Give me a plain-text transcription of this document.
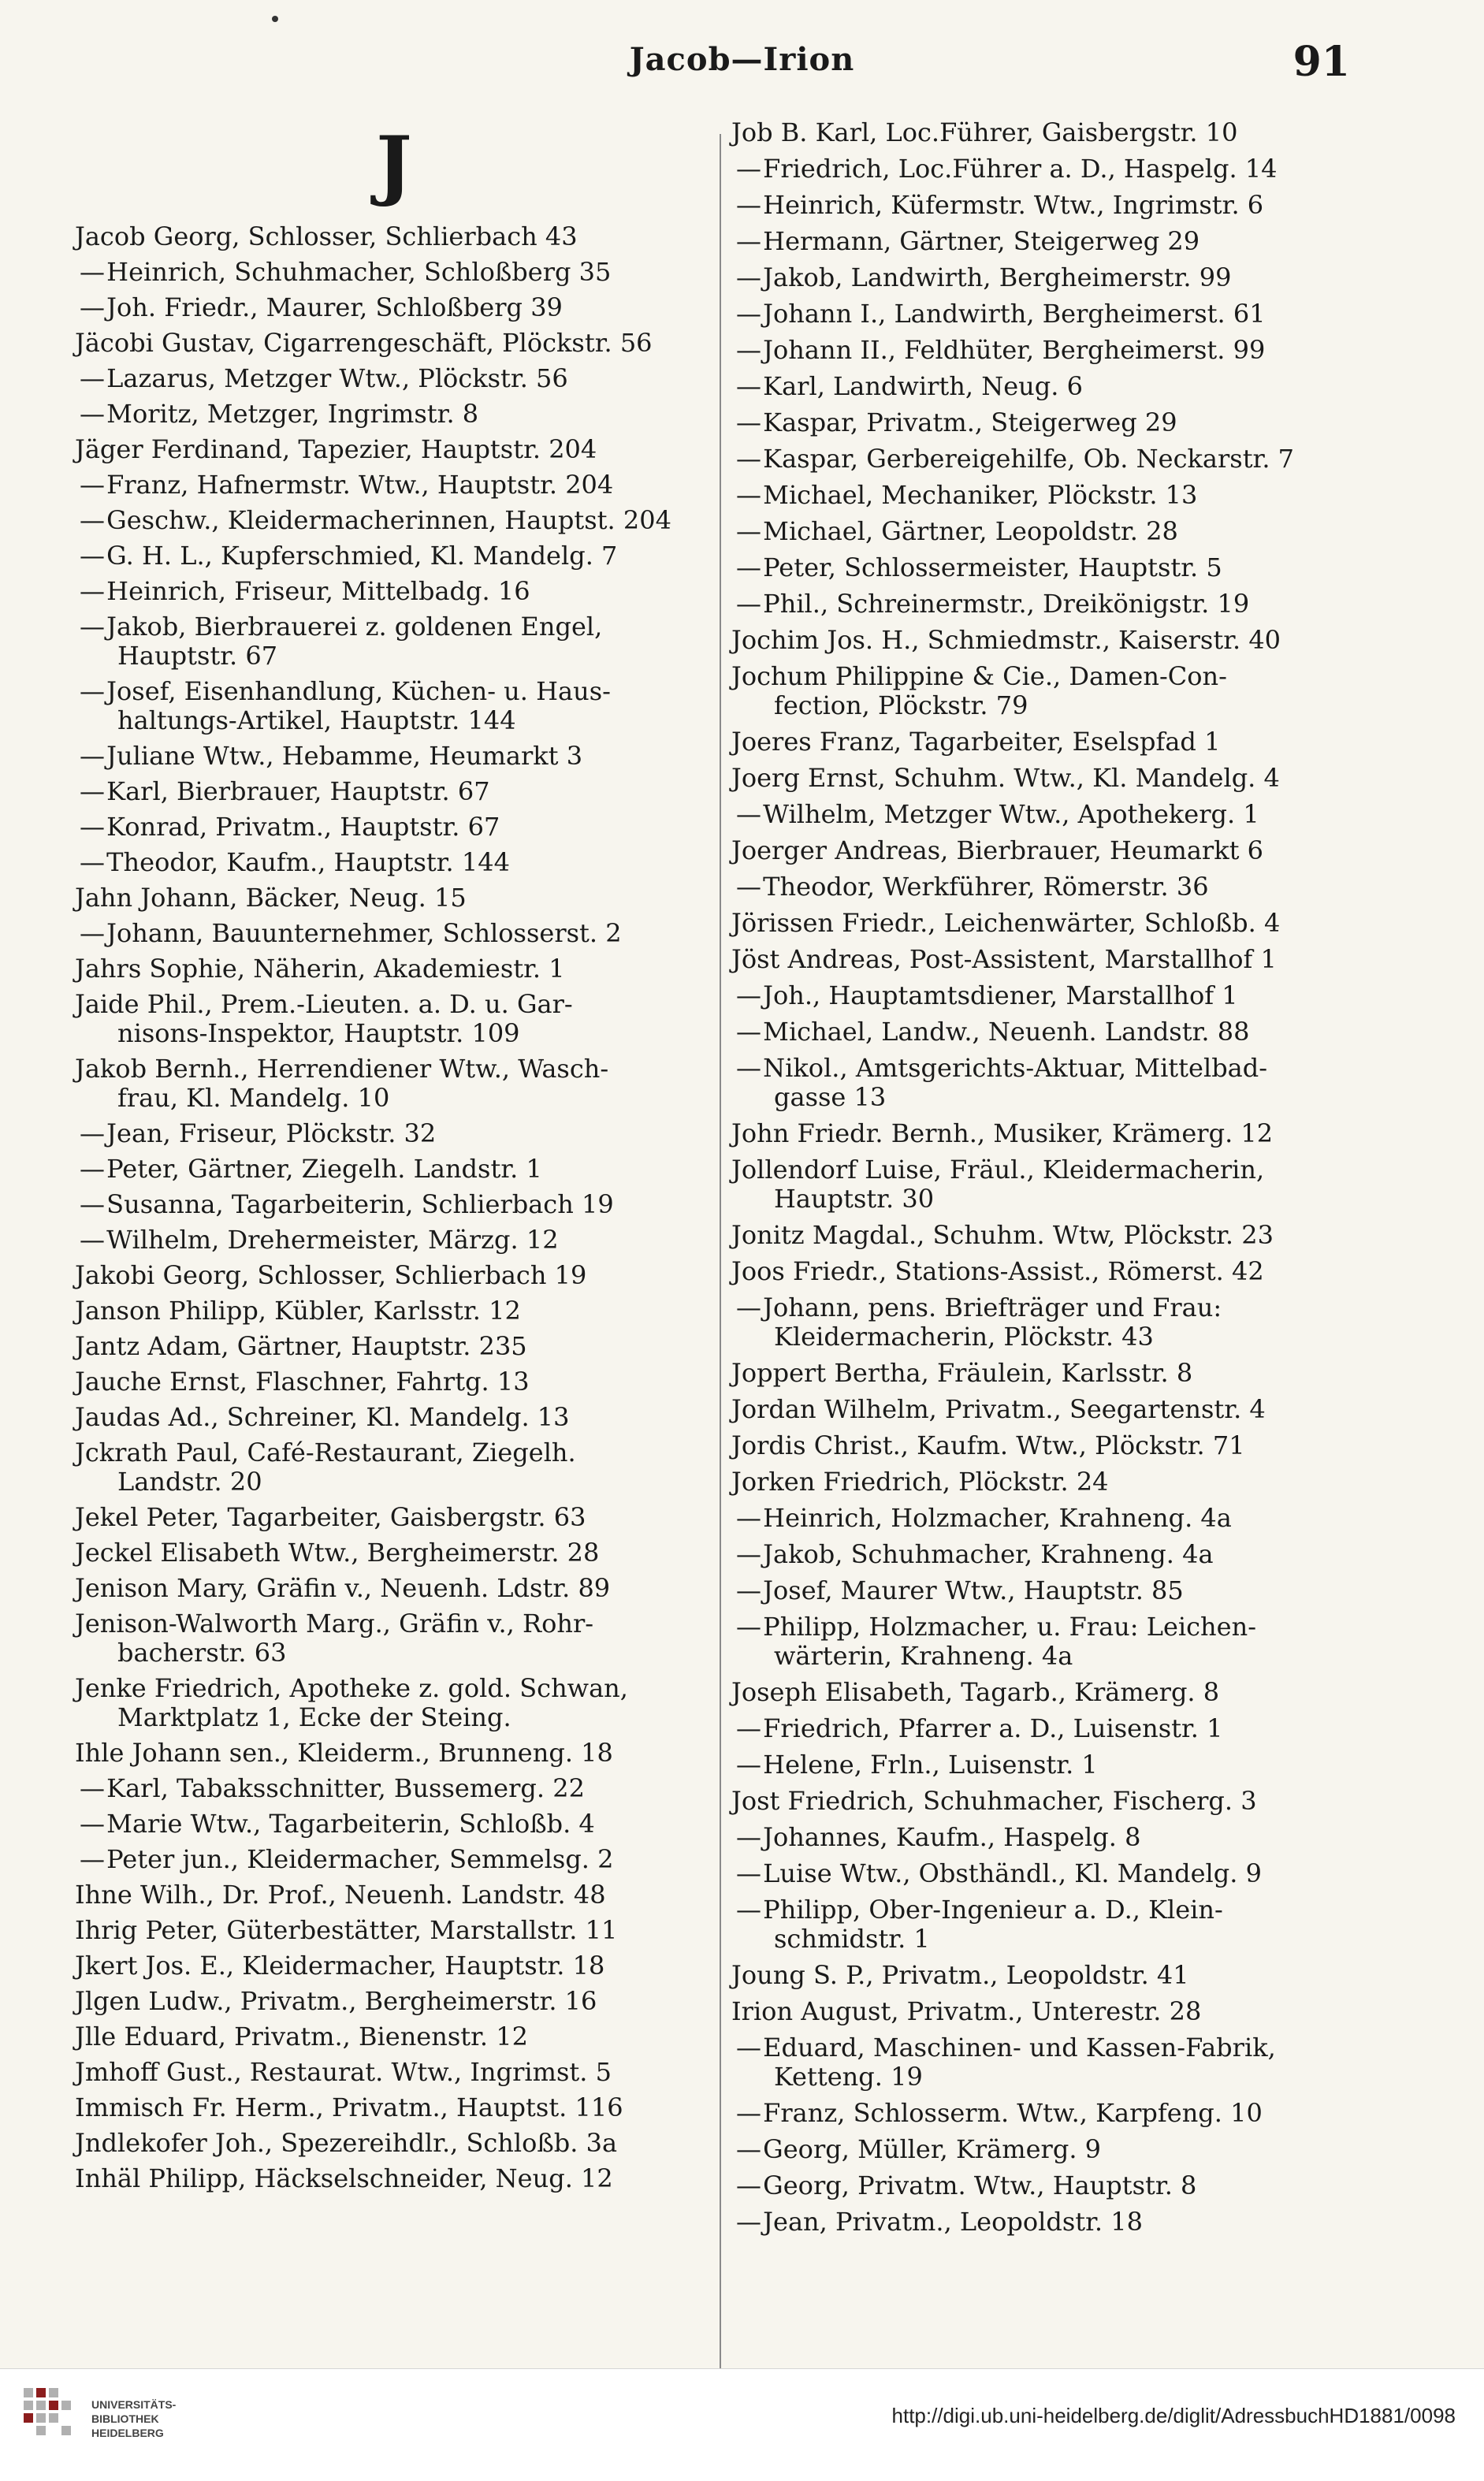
Jacob—Irion	91
J
Jacob Georg, Schlosser, Schlierbach 43
— Heinrich, Schuhmacher, Schloßberg 35
— Joh. Friedr., Maurer, Schloßberg 39
Jäcobi Gustav, Cigarrengeschäft, Plöckstr. 56
— Lazarus, Metzger Wtw., Plöckstr. 56
— Moritz, Metzger, Ingrimstr. 8
Jäger Ferdinand, Tapezier, Hauptstr. 204
— Franz, Hafnermstr. Wtw., Hauptstr. 204
— Geschw., Kleidermacherinnen, Hauptst. 204
— G. H. L., Kupferschmied, Kl. Mandelg. 7
— Heinrich, Friseur, Mittelbadg. 16
— Jakob, Bierbrauerei z. goldenen Engel,
Hauptstr. 67
— Josef, Eisenhandlung, Küchen- u. Haus-
haltungs-Artikel, Hauptstr. 144
— Juliane Wtw., Hebamme, Heumarkt 3
— Karl, Bierbrauer, Hauptstr. 67
— Konrad, Privatm., Hauptstr. 67
— Theodor, Kaufm., Hauptstr. 144
Jahn Johann, Bäcker, Neug. 15
— Johann, Bauunternehmer, Schlosserst. 2
Jahrs Sophie, Näherin, Akademiestr. 1
Jaide Phil., Prem.-Lieuten. a. D. u. Gar-
nisons-Inspektor, Hauptstr. 109
Jakob Bernh., Herrendiener Wtw., Wasch-
frau, Kl. Mandelg. 10
— Jean, Friseur, Plöckstr. 32
— Peter, Gärtner, Ziegelh. Landstr. 1
— Susanna, Tagarbeiterin, Schlierbach 19
— Wilhelm, Drehermeister, Märzg. 12
Jakobi Georg, Schlosser, Schlierbach 19
Janson Philipp, Kübler, Karlsstr. 12
Jantz Adam, Gärtner, Hauptstr. 235
Jauche Ernst, Flaschner, Fahrtg. 13
Jaudas Ad., Schreiner, Kl. Mandelg. 13
Jckrath Paul, Café-Restaurant, Ziegelh.
Landstr. 20
Jekel Peter, Tagarbeiter, Gaisbergstr. 63
Jeckel Elisabeth Wtw., Bergheimerstr. 28
Jenison Mary, Gräfin v., Neuenh. Ldstr. 89
Jenison-Walworth Marg., Gräfin v., Rohr-
bacherstr. 63
Jenke Friedrich, Apotheke z. gold. Schwan,
Marktplatz 1, Ecke der Steing.
Ihle Johann sen., Kleiderm., Brunneng. 18
— Karl, Tabaksschnitter, Bussemerg. 22
— Marie Wtw., Tagarbeiterin, Schloßb. 4
— Peter jun., Kleidermacher, Semmelsg. 2
Ihne Wilh., Dr. Prof., Neuenh. Landstr. 48
Ihrig Peter, Güterbestätter, Marstallstr. 11
Jkert Jos. E., Kleidermacher, Hauptstr. 18
Jlgen Ludw., Privatm., Bergheimerstr. 16
Jlle Eduard, Privatm., Bienenstr. 12
Jmhoff Gust., Restaurat. Wtw., Ingrimst. 5
Immisch Fr. Herm., Privatm., Hauptst. 116
Jndlekofer Joh., Spezereihdlr., Schloßb. 3a
Inhäl Philipp, Häckselschneider, Neug. 12
Job B. Karl, Loc.Führer, Gaisbergstr. 10
— Friedrich, Loc.Führer a. D., Haspelg. 14
— Heinrich, Küfermstr. Wtw., Ingrimstr. 6
— Hermann, Gärtner, Steigerweg 29
— Jakob, Landwirth, Bergheimerstr. 99
— Johann I., Landwirth, Bergheimerst. 61
— Johann II., Feldhüter, Bergheimerst. 99
— Karl, Landwirth, Neug. 6
— Kaspar, Privatm., Steigerweg 29
— Kaspar, Gerbereigehilfe, Ob. Neckarstr. 7
— Michael, Mechaniker, Plöckstr. 13
— Michael, Gärtner, Leopoldstr. 28
— Peter, Schlossermeister, Hauptstr. 5
— Phil., Schreinermstr., Dreikönigstr. 19
Jochim Jos. H., Schmiedmstr., Kaiserstr. 40
Jochum Philippine & Cie., Damen-Con-
fection, Plöckstr. 79
Joeres Franz, Tagarbeiter, Eselspfad 1
Joerg Ernst, Schuhm. Wtw., Kl. Mandelg. 4
— Wilhelm, Metzger Wtw., Apothekerg. 1
Joerger Andreas, Bierbrauer, Heumarkt 6
— Theodor, Werkführer, Römerstr. 36
Jörissen Friedr., Leichenwärter, Schloßb. 4
Jöst Andreas, Post-Assistent, Marstallhof 1
— Joh., Hauptamtsdiener, Marstallhof 1
— Michael, Landw., Neuenh. Landstr. 88
— Nikol., Amtsgerichts-Aktuar, Mittelbad-
gasse 13
John Friedr. Bernh., Musiker, Krämerg. 12
Jollendorf Luise, Fräul., Kleidermacherin,
Hauptstr. 30
Jonitz Magdal., Schuhm. Wtw, Plöckstr. 23
Joos Friedr., Stations-Assist., Römerst. 42
— Johann, pens. Briefträger und Frau:
Kleidermacherin, Plöckstr. 43
Joppert Bertha, Fräulein, Karlsstr. 8
Jordan Wilhelm, Privatm., Seegartenstr. 4
Jordis Christ., Kaufm. Wtw., Plöckstr. 71
Jorken Friedrich, Plöckstr. 24
— Heinrich, Holzmacher, Krahneng. 4a
— Jakob, Schuhmacher, Krahneng. 4a
— Josef, Maurer Wtw., Hauptstr. 85
— Philipp, Holzmacher, u. Frau: Leichen-
wärterin, Krahneng. 4a
Joseph Elisabeth, Tagarb., Krämerg. 8
— Friedrich, Pfarrer a. D., Luisenstr. 1
— Helene, Frln., Luisenstr. 1
Jost Friedrich, Schuhmacher, Fischerg. 3
— Johannes, Kaufm., Haspelg. 8
— Luise Wtw., Obsthändl., Kl. Mandelg. 9
— Philipp, Ober-Ingenieur a. D., Klein-
schmidstr. 1
Joung S. P., Privatm., Leopoldstr. 41
Irion August, Privatm., Unterestr. 28
— Eduard, Maschinen- und Kassen-Fabrik,
Ketteng. 19
— Franz, Schlosserm. Wtw., Karpfeng. 10
— Georg, Müller, Krämerg. 9
— Georg, Privatm. Wtw., Hauptstr. 8
— Jean, Privatm., Leopoldstr. 18
UNIVERSITÄTS-
BIBLIOTHEK
HEIDELBERG
http://digi.ub.uni-heidelberg.de/diglit/AdressbuchHD1881/0098
